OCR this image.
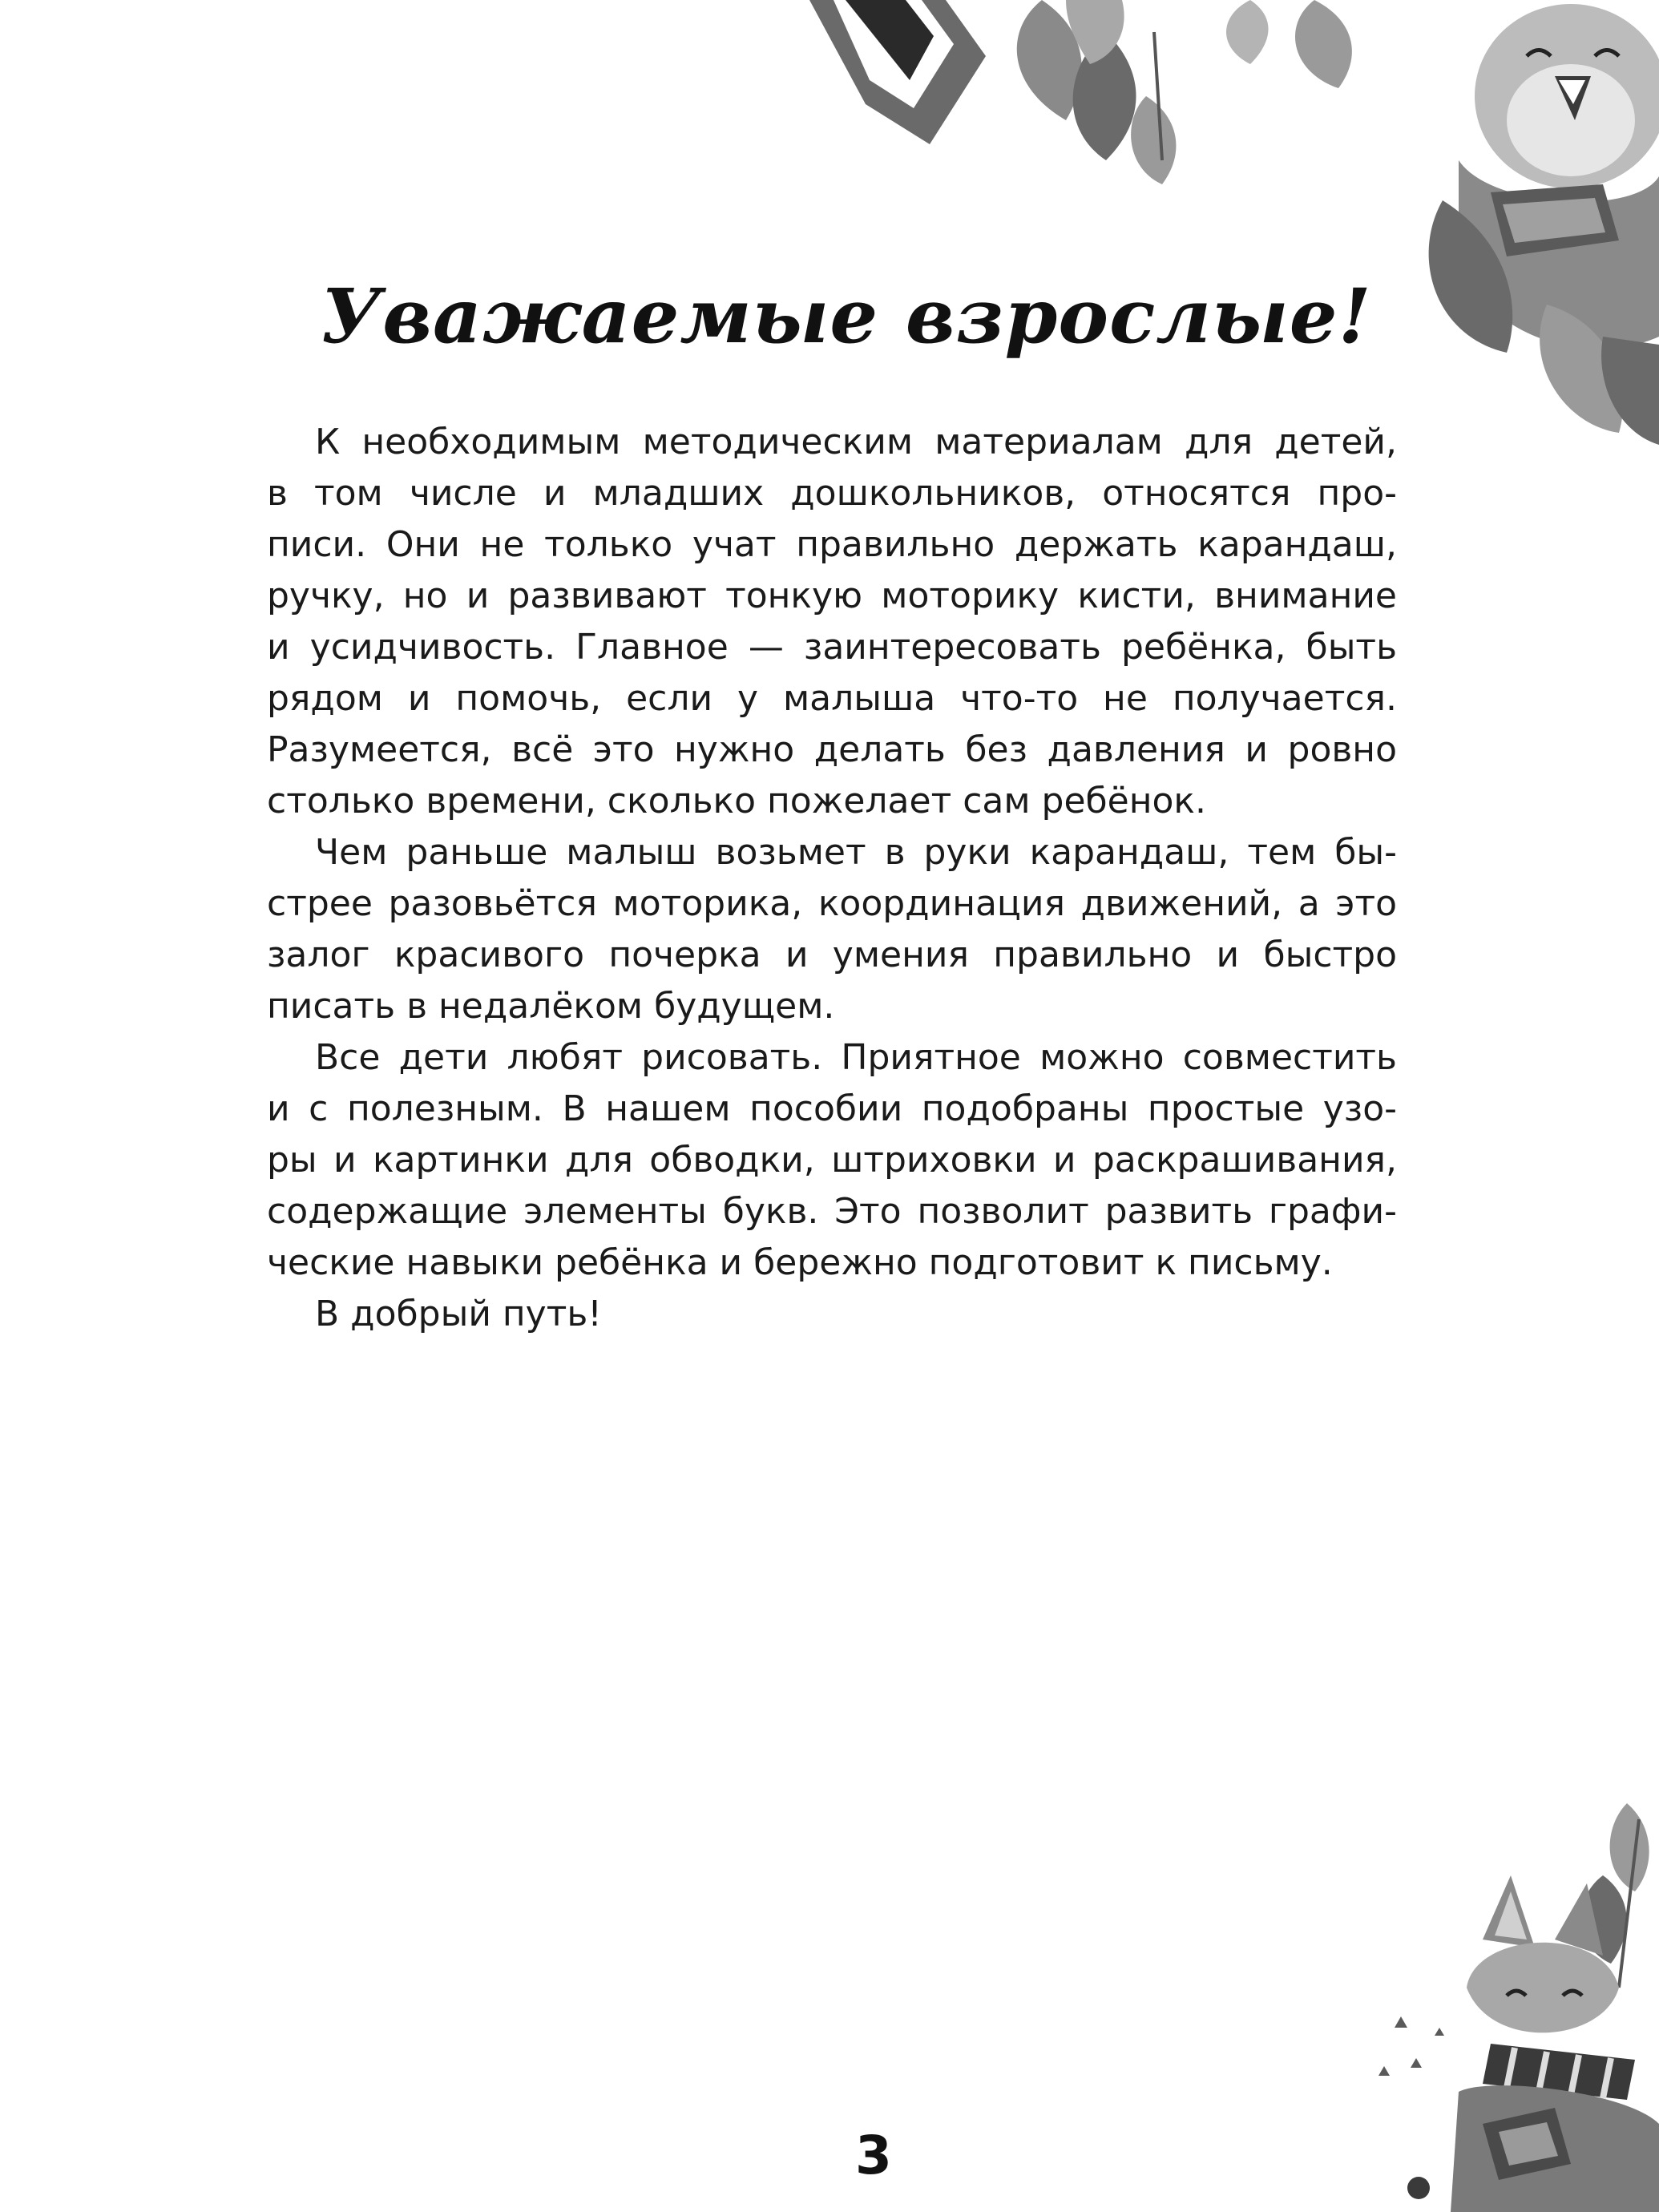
Уважаемые взрослые!

К необходимым методическим материалам для детей,
в том числе и младших дошкольников, относятся про-
писи. Они не только учат правильно держать карандаш,
ручку, но и развивают тонкую моторику кисти, внимание
и усидчивость. Главное — заинтересовать ребёнка, быть
рядом и помочь, если у малыша что-то не получается.
Разумеется, всё это нужно делать без давления и ровно
столько времени, сколько пожелает сам ребёнок.

Чем раньше малыш возьмет в руки карандаш, тем бы-
стрее разовьётся моторика, координация движений, а это
залог красивого почерка и умения правильно и быстро
писать в недалёком будущем.

Все дети любят рисовать. Приятное можно совместить
и с полезным. В нашем пособии подобраны простые узо-
ры и картинки для обводки, штриховки и раскрашивания,
содержащие элементы букв. Это позволит развить графи-
ческие навыки ребёнка и бережно подготовит к письму.

В добрый путь!

3
